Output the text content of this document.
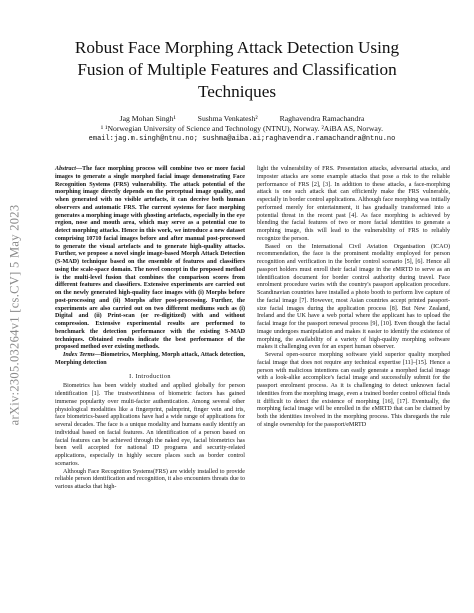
arXiv:2305.03264v1 [cs.CV] 5 May 2023
Robust Face Morphing Attack Detection Using Fusion of Multiple Features and Classification Techniques
Jag Mohan Singh¹	Sushma Venkatesh²	Raghavendra Ramachandra
¹ ¹Norwegian University of Science and Technology (NTNU), Norway. ²AiBA AS, Norway.
email:jag.m.singh@ntnu.no; sushma@aiba.ai;raghavendra.ramachandra@ntnu.no

Abstract—The face morphing process will combine two or more facial images to generate a single morphed facial image demonstrating Face Recognition Systems (FRS) vulnerability. The attack potential of the morphing image directly depends on the perceptual image quality, and when generated with no visible artefacts, it can deceive both human observers and automatic FRS. The current systems for face morphing generates a morphing image with ghosting artefacts, especially in the eye region, nose and mouth area, which may serve as a potential cue to detect morphing attacks. Hence in this work, we introduce a new dataset comprising 10710 facial images before and after manual post-processed to generate the visual artefacts and to generate high-quality attacks. Further, we propose a novel single image-based Morph Attack Detection (S-MAD) technique based on the ensemble of features and classifiers using the scale-space domain. The novel concept in the proposed method is the multi-level fusion that combines the comparison scores from different features and classifiers. Extensive experiments are carried out on the newly generated high-quality face images with (i) Morphs before post-processing and (ii) Morphs after post-processing. Further, the experiments are also carried out on two different mediums such as (i) Digital and (ii) Print-scan (or re-digitized) with and without compression. Extensive experimental results are performed to benchmark the detection performance with the existing S-MAD techniques. Obtained results indicate the best performance of the proposed method over existing methods.

Index Terms—Biometrics, Morphing, Morph attack, Attack detection, Morphing detection

I. Introduction

Biometrics has been widely studied and applied globally for person identification [1]. The trustworthiness of biometric factors has gained immense popularity over multi-factor authentication. Among several other physiological modalities like a fingerprint, palmprint, finger vein and iris, face biometrics-based applications have had a wide range of applications for several decades. The face is a unique modality and humans easily identify an individual based on facial features. An identification of a person based on facial features can be achieved through the naked eye, facial biometrics has been well accepted for national ID programs and security-related applications, especially in highly secure places such as border control scenarios.

Although Face Recognition Systems(FRS) are widely installed to provide reliable person identification and recognition, it also encounters threats due to various attacks that high-

light the vulnerability of FRS. Presentation attacks, adversarial attacks, and imposter attacks are some example attacks that pose a risk to the reliable performance of FRS [2], [3]. In addition to these attacks, a face-morphing attack is one such attack that can efficiently make the FRS vulnerable, especially in border control applications. Although face morphing was initially performed merely for entertainment, it has gradually transformed into a potential threat in the recent past [4]. As face morphing is achieved by blending the facial features of two or more facial identities to generate a morphing image, this will lead to the vulnerability of FRS to reliably recognize the person.

Based on the International Civil Aviation Organisation (ICAO) recommendation, the face is the prominent modality employed for person recognition and verification in the border control scenario [5], [6]. Hence all passport holders must enroll their facial image in the eMRTD to serve as an identification document for border control authority during travel. Face enrolment procedure varies with the country's passport application procedure. Scandinavian countries have installed a photo booth to perform live capture of the facial image [7]. However, most Asian countries accept printed passport-size facial images during the application process [8]. But New Zealand, Ireland and the UK have a web portal where the applicant has to upload the facial image for the passport renewal process [9], [10]. Even though the facial image undergoes manipulation and makes it easier to identify the existence of morphing, the availability of a variety of high-quality morphing software makes it challenging even for an expert human observer.

Several open-source morphing software yield superior quality morphed facial image that does not require any technical expertise [11]–[15]. Hence a person with malicious intentions can easily generate a morphed facial image with a look-alike accomplice's facial image and successfully submit for the passport enrolment process. As it is challenging to detect unknown facial identities from the morphing image, even a trained border control official finds it difficult to detect the existence of morphing [16], [17]. Eventually, the morphing facial image will be enrolled in the eMRTD that can be claimed by both the identities involved in the morphing process. This disregards the rule of single ownership for the passport/eMRTD
